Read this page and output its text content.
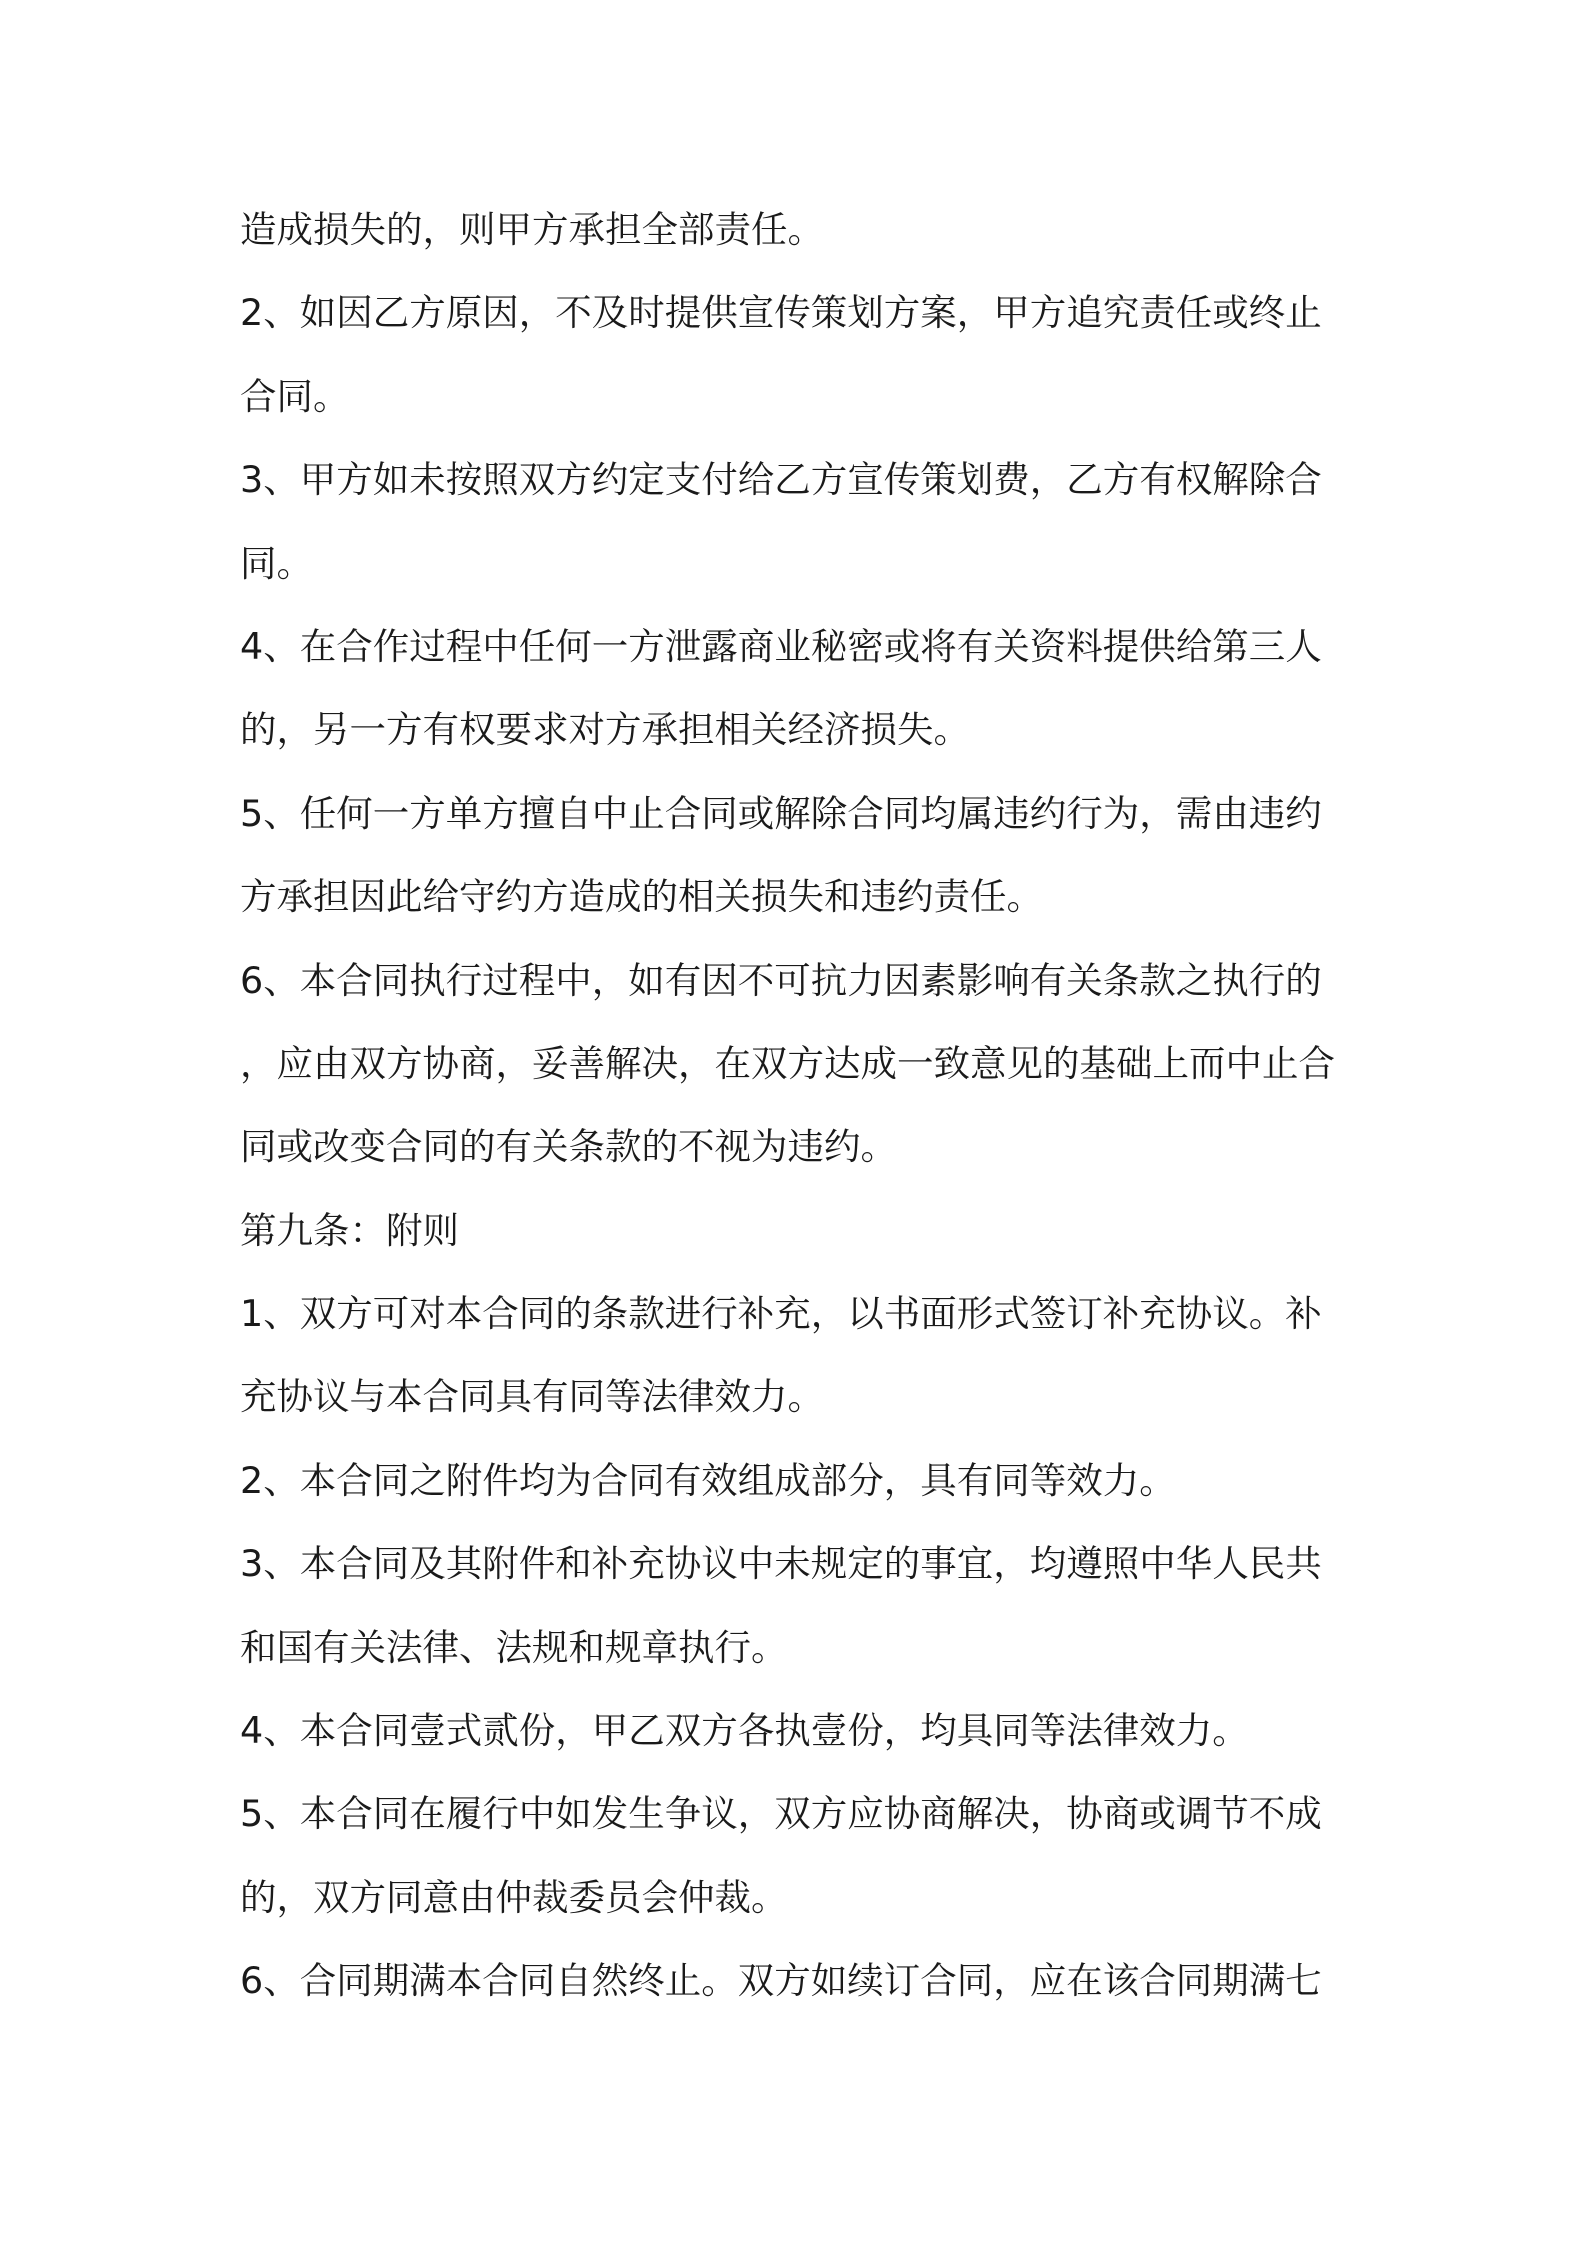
造成损失的，则甲方承担全部责任。
2、如因乙方原因，不及时提供宣传策划方案，甲方追究责任或终止
合同。
3、甲方如未按照双方约定支付给乙方宣传策划费，乙方有权解除合
同。
4、在合作过程中任何一方泄露商业秘密或将有关资料提供给第三人
的，另一方有权要求对方承担相关经济损失。
5、任何一方单方擅自中止合同或解除合同均属违约行为，需由违约
方承担因此给守约方造成的相关损失和违约责任。
6、本合同执行过程中，如有因不可抗力因素影响有关条款之执行的
，应由双方协商，妥善解决，在双方达成一致意见的基础上而中止合
同或改变合同的有关条款的不视为违约。
第九条：附则
1、双方可对本合同的条款进行补充，以书面形式签订补充协议。补
充协议与本合同具有同等法律效力。
2、本合同之附件均为合同有效组成部分，具有同等效力。
3、本合同及其附件和补充协议中未规定的事宜，均遵照中华人民共
和国有关法律、法规和规章执行。
4、本合同壹式贰份，甲乙双方各执壹份，均具同等法律效力。
5、本合同在履行中如发生争议，双方应协商解决，协商或调节不成
的，双方同意由仲裁委员会仲裁。
6、合同期满本合同自然终止。双方如续订合同，应在该合同期满七
